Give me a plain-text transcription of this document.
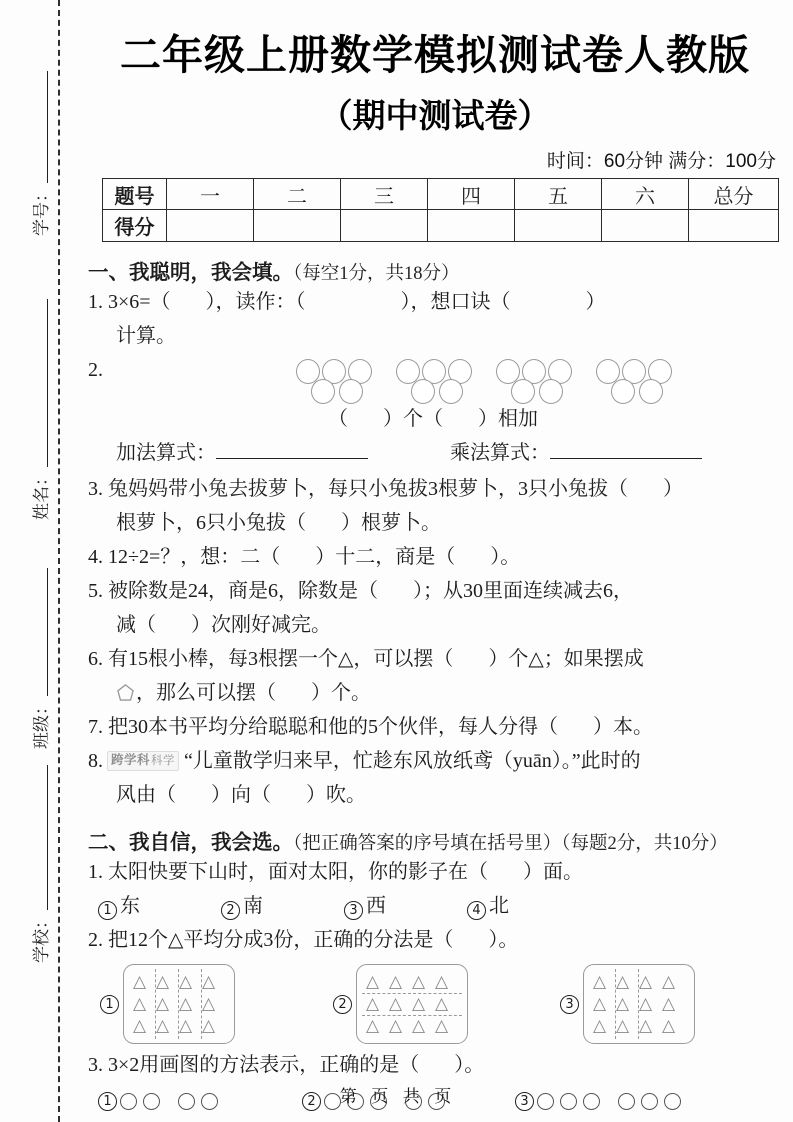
学号：
姓名：
班级：
学校：
二年级上册数学模拟测试卷人教版
（期中测试卷）
时间：60分钟 满分：100分
题号	一	二	三	四	五	六	总分
得分							
一、我聪明，我会填。（每空1分，共18分）
1. 3×6=（       ），读作：（                   ），想口诀（               ）
计算。
2.
（       ）个（       ）相加
加法算式：	乘法算式：
3. 兔妈妈带小兔去拔萝卜，每只小兔拔3根萝卜，3只小兔拔（       ）
根萝卜，6只小兔拔（       ）根萝卜。
4. 12÷2=？，想：二（       ）十二，商是（       ）。
5. 被除数是24，商是6，除数是（       ）；从30里面连续减去6，
减（       ）次刚好减完。
6. 有15根小棒，每3根摆一个△，可以摆（       ）个△；如果摆成
，那么可以摆（       ）个。
7. 把30本书平均分给聪聪和他的5个伙伴，每人分得（       ）本。
8. 跨学科科学 “儿童散学归来早，忙趁东风放纸鸢（yuān）。”此时的
风由（       ）向（       ）吹。
二、我自信，我会选。（把正确答案的序号填在括号里）（每题2分，共10分）
1. 太阳快要下山时，面对太阳，你的影子在（       ）面。
1 东	2 南	3 西	4 北
2. 把12个△平均分成3份，正确的分法是（       ）。
1
△ △ △ △
△ △ △ △
△ △ △ △
2
△ △ △ △
△ △ △ △
△ △ △ △
3
△ △ △ △
△ △ △ △
△ △ △ △
3. 3×2用画图的方法表示，正确的是（       ）。
1	2	3
第  页  共  页
